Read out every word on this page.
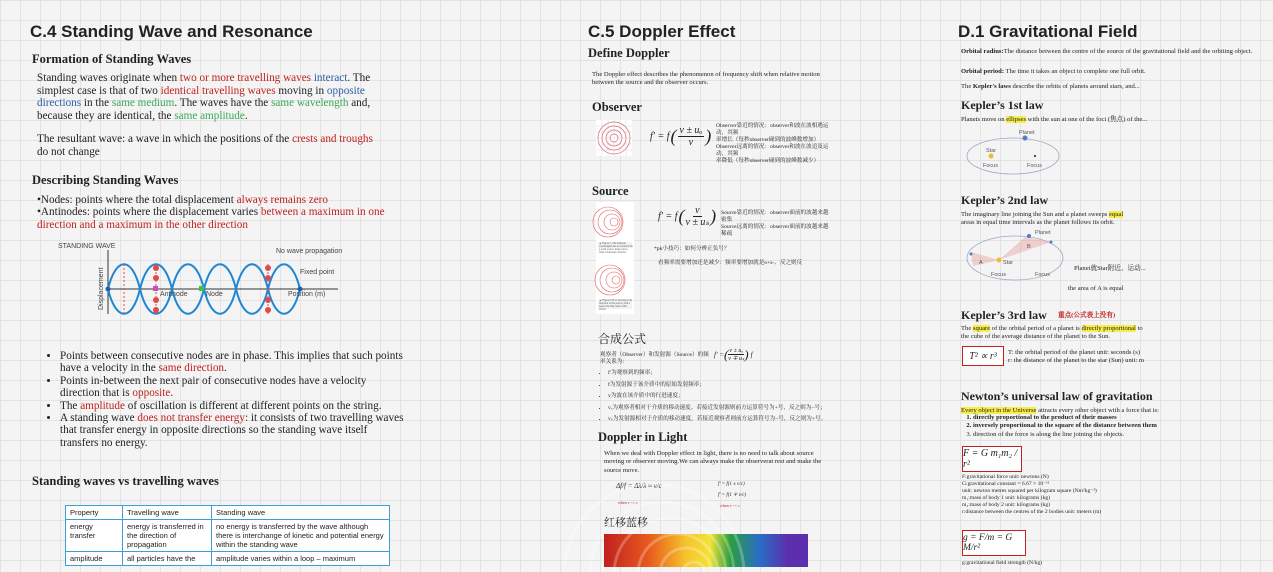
C.4 Standing Wave and Resonance
Formation of Standing Waves

Standing waves originate when two or more travelling waves interact. The simplest case is that of two identical travelling waves moving in opposite directions in the same medium. The waves have the same wavelength and, because they are identical, the same amplitude.

The resultant wave: a wave in which the positions of the crests and troughs do not change

Describing Standing Waves

•Nodes: points where the total displacement always remains zero

•Antinodes: points where the displacement varies between a maximum in one direction and a maximum in the other direction

STANDING WAVE
No wave propagation
Fixed point
Displacement	Antinode	Node	Position (m)
• Points between consecutive nodes are in phase. This implies that such points have a velocity in the same direction.
• Points in-between the next pair of consecutive nodes have a velocity direction that is opposite.
• The amplitude of oscillation is different at different points on the string.
• A standing wave does not transfer energy: it consists of two travelling waves that transfer energy in opposite directions so the standing wave itself transfers no energy.
Standing waves vs travelling waves
Property	Travelling wave	Standing wave
energy transfer	energy is transferred in the direction of propagation	no energy is transferred by the wave although there is interchange of kinetic and potential energy within the standing wave
amplitude	all particles have the	amplitude varies within a loop – maximum
C.5 Doppler Effect
Define Doppler

The Doppler effect describes the phenomenon of frequency shift when relative motion between the source and the observer occurs.

Observer
f′ = f ( v ± uₒ
v ) Observer靠近的情况：observer和波在波相遇运动，其频
率增长（每秒observer碰到的波峰数增加）
Observer远离的情况：observer和波在波追及运动，其频
率降低（每秒observer碰到的波峰数减少）
Source
▲ Figure 5: The different wavelengths due to motion from a point source, using waves from a stationary observer
▲ Figure 6: How moving in the direction of the source, with a source moving faster, both effects
f′ = f ( v
v ± uₛ ) Source靠近的情况：observer面前的波越来越密集
Source远离的情况：observer面前的波越来越稀疏
*pk小技巧：如何分辨正负号？
看频率需要增加还是减少：频率要增加就是o+s-、反之则反
合成公式
观察者（Observer）和发射源（Source）的频率关系为：
f′ = ( v ± uₒ
v ∓ uₛ ) f
• f′为观察到的频率；
• f为发射源于该介质中的原始发射频率；
• v为波在该介质中的行进速度；
• vₒ为观察者相对于介质的移动速度。若接近发射源则前方运算符号为+号，反之则为−号；
• vₛ为发射源相对于介质的移动速度。若接近观察者则前方运算符号为−号，反之则为+号。
Doppler in Light

When we deal with Doppler effect in light, there is no need to talk about source moving or observer moving.We can always make the observerat rest and make the source move.

Δf/f = Δλ/λ ≈ v/c
when v << c
f′ = f(1 ± v/c)
f′ = f(1 ∓ v/c)
when v << c
红移蓝移
D.1 Gravitational Field

Orbital radius:The distance between the centre of the source of the gravitational field and the orbiting object.

Orbital period: The time it takes an object to complete one full orbit.

The Kepler's laws describe the orbits of planets around stars, and...

Kepler’s 1st law

Planets move on ellipses with the sun at one of the foci (焦点) of the...

Planet
Star
Focus	Focus
Kepler’s 2nd law

The imaginary line joining the Sun and a planet sweeps equal areas in equal time intervals as the planet follows its orbit.

Planet
Star
Focus	Focus
A
B
Planet就Star附近、运动...
the area of A is equal
Kepler’s 3rd law 重点(公式表上没有)

The square of the orbital period of a planet is directly proportional to the cube of the average distance of the planet to the Sun.

T² ∝ r³	T: the orbital period of the planet unit: seconds (s)
r: the distance of the planet to the star (Sun) unit: m
Newton’s universal law of gravitation

Every object in the Universe attracts every other object with a force that is:

1. directly proportional to the product of their masses
2. inversely proportional to the square of the distance between them
3. direction of the force is along the line joining the objects.
F = G m₁m₂ / r²
F:gravitational force unit: newtons (N)
G:gravitational constant = 6.67 × 10⁻¹¹
unit: newton metres squared per kilogram square (Nm²kg⁻²)
m₁:mass of body 1 unit: kilograms (kg)
m₂:mass of body 2 unit: kilograms (kg)
r:distance between the centres of the 2 bodies unit: meters (m)
g = F/m = G M/r²
g:gravitational field strength (N/kg)
